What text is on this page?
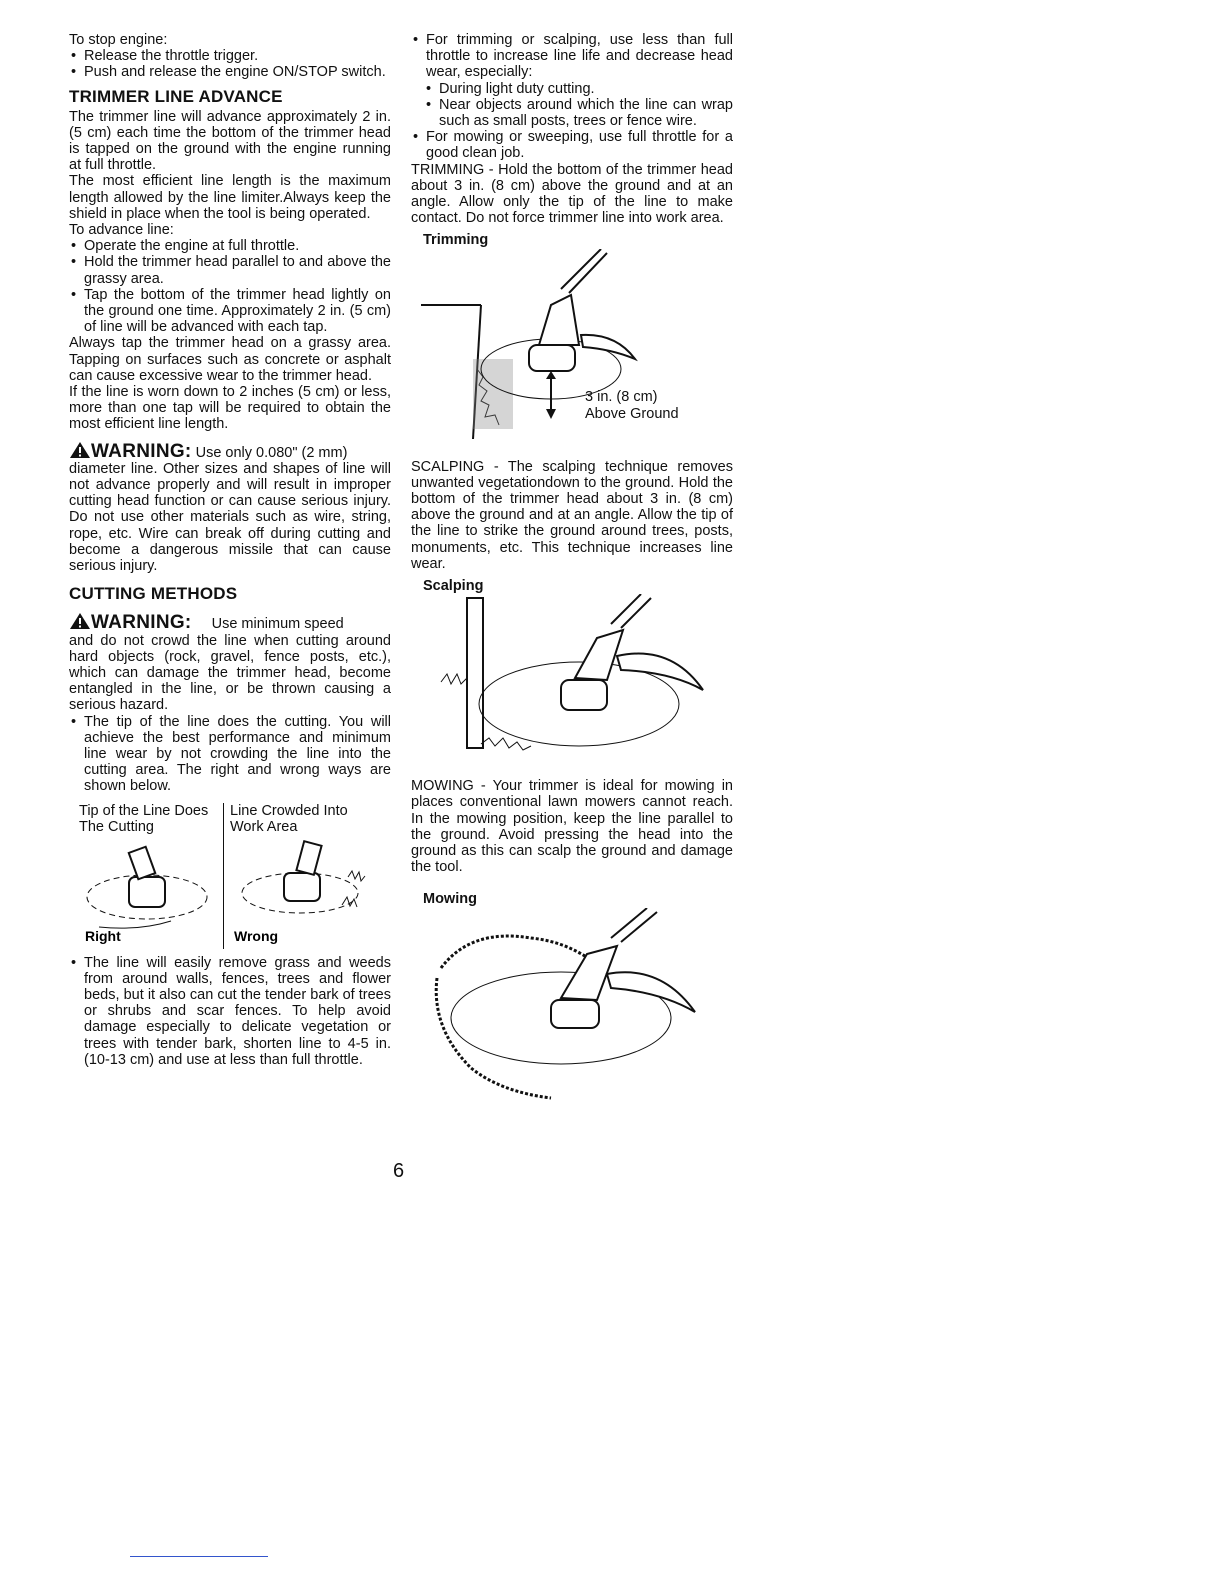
To stop engine:

• Release the throttle trigger.
• Push and release the engine ON/STOP switch.
TRIMMER LINE ADVANCE

The trimmer line will advance approximately 2 in. (5 cm) each time the bottom of the trimmer head is tapped on the ground with the engine running at full throttle.

The most efficient line length is the maximum length allowed by the line limiter.Always keep the shield in place when the tool is being operated.

To advance line:

• Operate the engine at full throttle.
• Hold the trimmer head parallel to and above the grassy area.
• Tap the bottom of the trimmer head lightly on the ground one time. Approximately 2 in. (5 cm) of line will be advanced with each tap.

Always tap the trimmer head on a grassy area. Tapping on surfaces such as concrete or asphalt can cause excessive wear to the trimmer head.

If the line is worn down to 2 inches (5 cm) or less, more than one tap will be required to obtain the most efficient line length.

WARNING: Use only 0.080" (2 mm)

diameter line. Other sizes and shapes of line will not advance properly and will result in improper cutting head function or can cause serious injury. Do not use other materials such as wire, string, rope, etc. Wire can break off during cutting and become a dangerous missile that can cause serious injury.

CUTTING METHODS
WARNING: Use minimum speed

and do not crowd the line when cutting around hard objects (rock, gravel, fence posts, etc.), which can damage the trimmer head, become entangled in the line, or be thrown causing a serious hazard.

• The tip of the line does the cutting. You will achieve the best performance and minimum line wear by not crowding the line into the cutting area. The right and wrong ways are shown below.
Tip of the Line Does The Cutting
Right
Line Crowded Into Work Area
Wrong
• The line will easily remove grass and weeds from around walls, fences, trees and flower beds, but it also can cut the tender bark of trees or shrubs and scar fences. To help avoid damage especially to delicate vegetation or trees with tender bark, shorten line to 4-5 in. (10-13 cm) and use at less than full throttle.
• For trimming or scalping, use less than full throttle to increase line life and decrease head wear, especially:
• During light duty cutting.
• Near objects around which the line can wrap such as small posts, trees or fence wire.
• For mowing or sweeping, use full throttle for a good clean job.

TRIMMING - Hold the bottom of the trimmer head about 3 in. (8 cm) above the ground and at an angle. Allow only the tip of the line to make contact. Do not force trimmer line into work area.

Trimming
3 in. (8 cm)
Above Ground

SCALPING - The scalping technique removes unwanted vegetationdown to the ground. Hold the bottom of the trimmer head about 3 in. (8 cm) above the ground and at an angle. Allow the tip of the line to strike the ground around trees, posts, monuments, etc. This technique increases line wear.

Scalping

MOWING - Your trimmer is ideal for mowing in places conventional lawn mowers cannot reach. In the mowing position, keep the line parallel to the ground. Avoid pressing the head into the ground as this can scalp the ground and damage the tool.

Mowing
6
